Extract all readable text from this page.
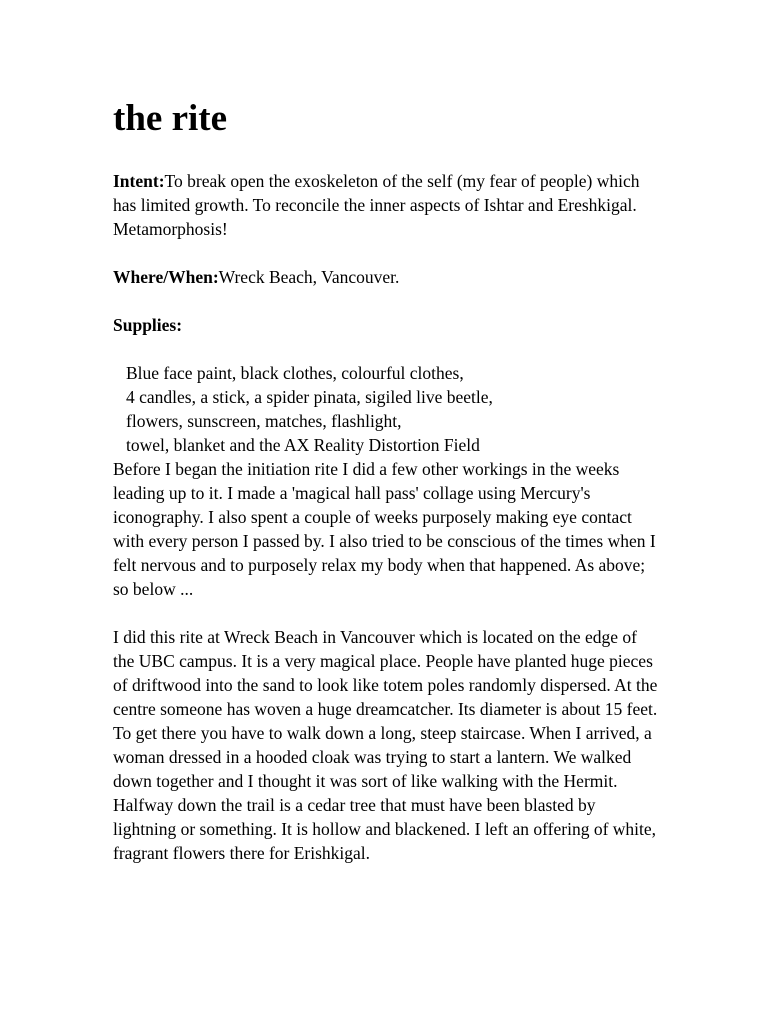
the rite

Intent:To break open the exoskeleton of the self (my fear of people) which has limited growth. To reconcile the inner aspects of Ishtar and Ereshkigal. Metamorphosis!

Where/When:Wreck Beach, Vancouver.

Supplies:

Blue face paint, black clothes, colourful clothes,
4 candles, a stick, a spider pinata, sigiled live beetle,
flowers, sunscreen, matches, flashlight,
towel, blanket and the AX Reality Distortion Field

Before I began the initiation rite I did a few other workings in the weeks leading up to it. I made a 'magical hall pass' collage using Mercury's iconography. I also spent a couple of weeks purposely making eye contact with every person I passed by. I also tried to be conscious of the times when I felt nervous and to purposely relax my body when that happened. As above; so below ...

I did this rite at Wreck Beach in Vancouver which is located on the edge of the UBC campus. It is a very magical place. People have planted huge pieces of driftwood into the sand to look like totem poles randomly dispersed. At the centre someone has woven a huge dreamcatcher. Its diameter is about 15 feet. To get there you have to walk down a long, steep staircase. When I arrived, a woman dressed in a hooded cloak was trying to start a lantern. We walked down together and I thought it was sort of like walking with the Hermit. Halfway down the trail is a cedar tree that must have been blasted by lightning or something. It is hollow and blackened. I left an offering of white, fragrant flowers there for Erishkigal.
